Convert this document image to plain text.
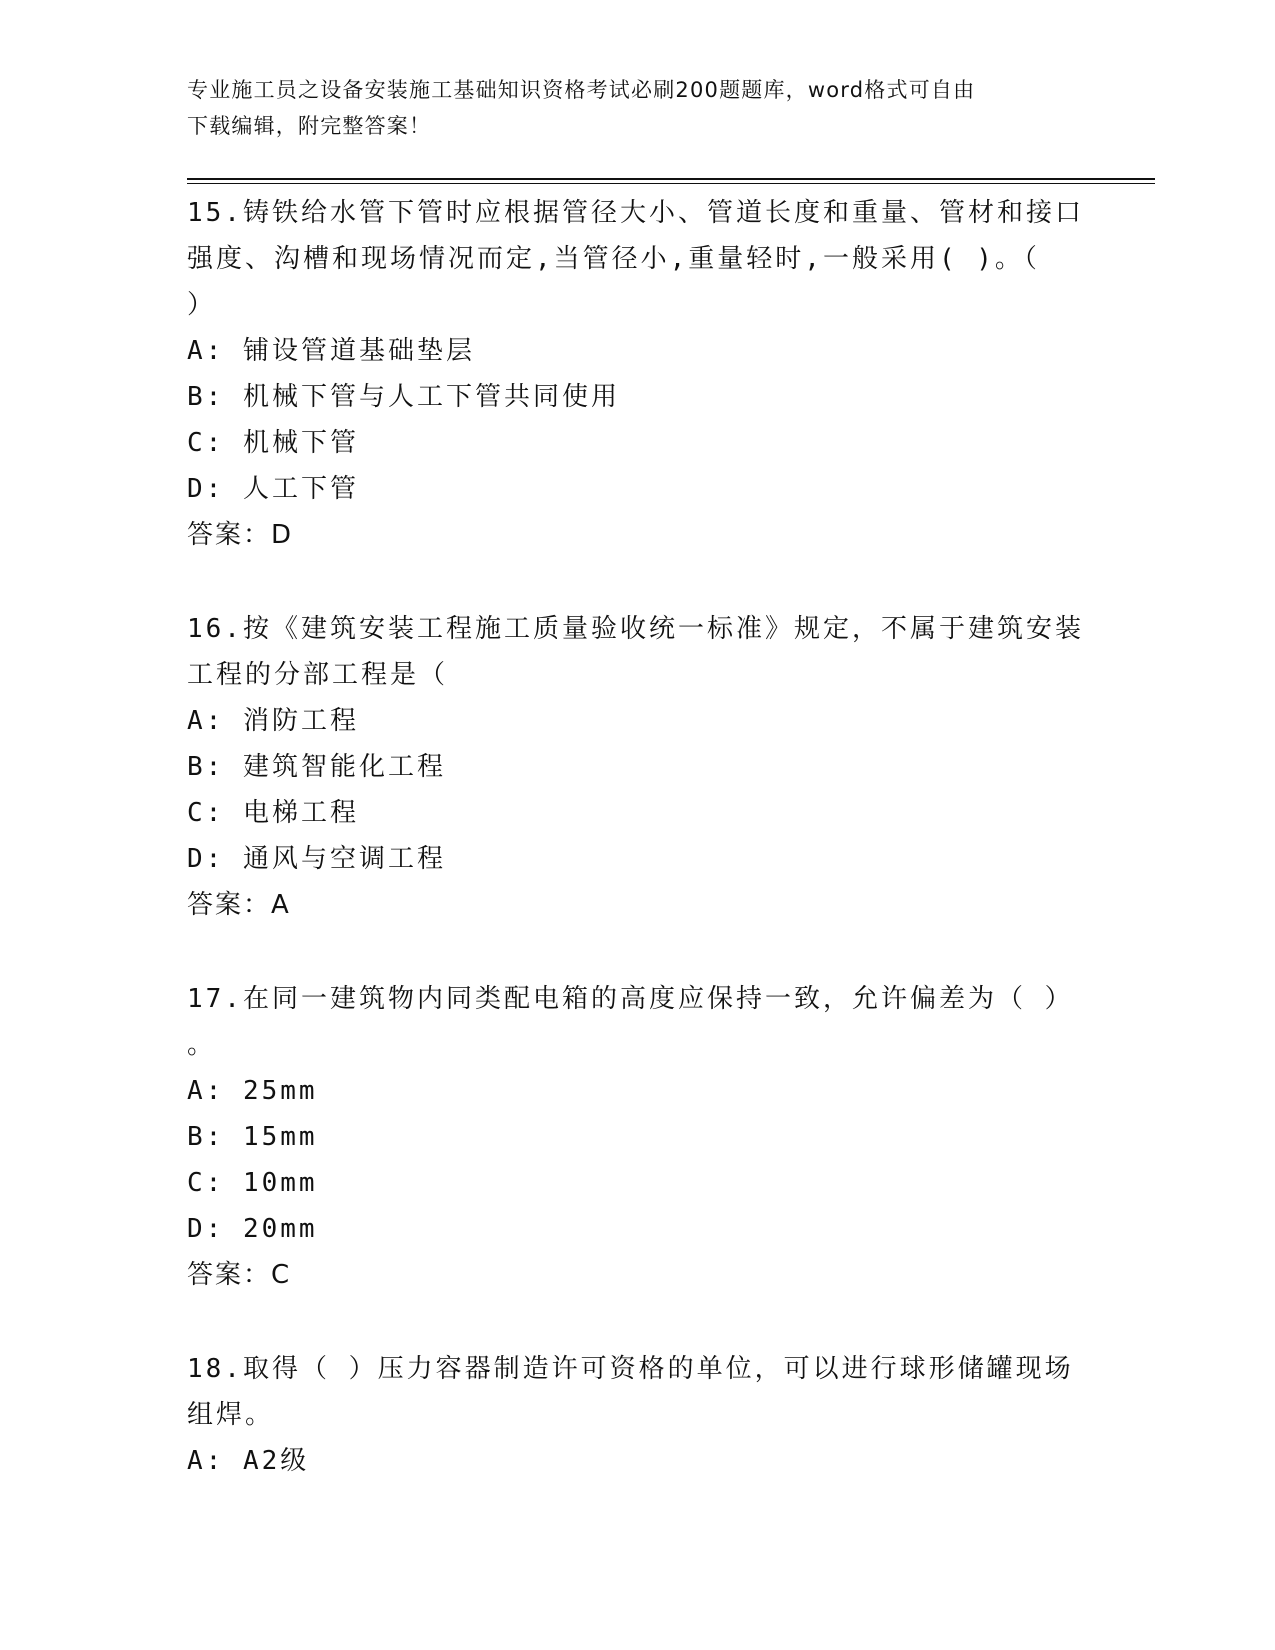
专业施工员之设备安装施工基础知识资格考试必刷200题题库，word格式可自由
下载编辑，附完整答案！

15.铸铁给水管下管时应根据管径大小、管道长度和重量、管材和接口

强度、沟槽和现场情况而定,当管径小,重量轻时,一般采用( )。（

）

A: 铺设管道基础垫层

B: 机械下管与人工下管共同使用

C: 机械下管

D: 人工下管

答案：D

16.按《建筑安装工程施工质量验收统一标准》规定，不属于建筑安装

工程的分部工程是（

A: 消防工程

B: 建筑智能化工程

C: 电梯工程

D: 通风与空调工程

答案：A

17.在同一建筑物内同类配电箱的高度应保持一致，允许偏差为（ ）

。

A: 25mm

B: 15mm

C: 10mm

D: 20mm

答案：C

18.取得（ ）压力容器制造许可资格的单位，可以进行球形储罐现场

组焊。

A: A2级
